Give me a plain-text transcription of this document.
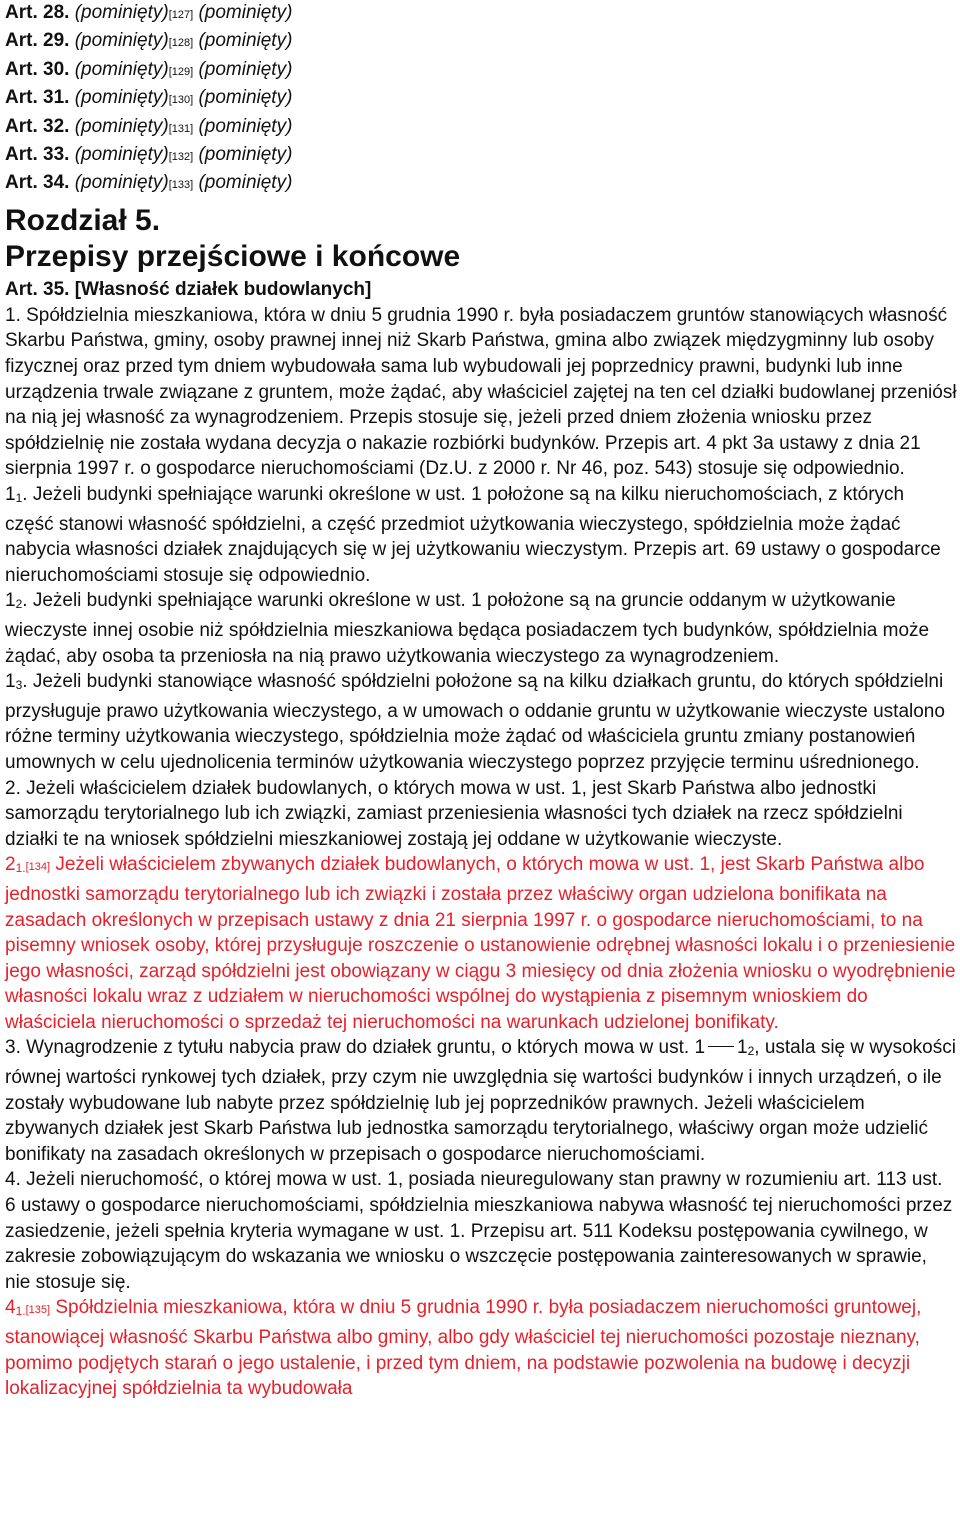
Art. 28. (pominięty)[127] (pominięty)
Art. 29. (pominięty)[128] (pominięty)
Art. 30. (pominięty)[129] (pominięty)
Art. 31. (pominięty)[130] (pominięty)
Art. 32. (pominięty)[131] (pominięty)
Art. 33. (pominięty)[132] (pominięty)
Art. 34. (pominięty)[133] (pominięty)
Rozdział 5.
Przepisy przejściowe i końcowe
Art. 35. [Własność działek budowlanych]

1. Spółdzielnia mieszkaniowa, która w dniu 5 grudnia 1990 r. była posiadaczem gruntów stanowiących własność Skarbu Państwa, gminy, osoby prawnej innej niż Skarb Państwa, gmina albo związek międzygminny lub osoby fizycznej oraz przed tym dniem wybudowała sama lub wybudowali jej poprzednicy prawni, budynki lub inne urządzenia trwale związane z gruntem, może żądać, aby właściciel zajętej na ten cel działki budowlanej przeniósł na nią jej własność za wynagrodzeniem. Przepis stosuje się, jeżeli przed dniem złożenia wniosku przez spółdzielnię nie została wydana decyzja o nakazie rozbiórki budynków. Przepis art. 4 pkt 3a ustawy z dnia 21 sierpnia 1997 r. o gospodarce nieruchomościami (Dz.U. z 2000 r. Nr 46, poz. 543) stosuje się odpowiednio.

$1_1$. Jeżeli budynki spełniające warunki określone w ust. 1 położone są na kilku nieruchomościach, z których część stanowi własność spółdzielni, a część przedmiot użytkowania wieczystego, spółdzielnia może żądać nabycia własności działek znajdujących się w jej użytkowaniu wieczystym. Przepis art. 69 ustawy o gospodarce nieruchomościami stosuje się odpowiednio.

$1_2$. Jeżeli budynki spełniające warunki określone w ust. 1 położone są na gruncie oddanym w użytkowanie wieczyste innej osobie niż spółdzielnia mieszkaniowa będąca posiadaczem tych budynków, spółdzielnia może żądać, aby osoba ta przeniosła na nią prawo użytkowania wieczystego za wynagrodzeniem.

$1_3$. Jeżeli budynki stanowiące własność spółdzielni położone są na kilku działkach gruntu, do których spółdzielni przysługuje prawo użytkowania wieczystego, a w umowach o oddanie gruntu w użytkowanie wieczyste ustalono różne terminy użytkowania wieczystego, spółdzielnia może żądać od właściciela gruntu zmiany postanowień umownych w celu ujednolicenia terminów użytkowania wieczystego poprzez przyjęcie terminu uśrednionego.

2. Jeżeli właścicielem działek budowlanych, o których mowa w ust. 1, jest Skarb Państwa albo jednostki samorządu terytorialnego lub ich związki, zamiast przeniesienia własności tych działek na rzecz spółdzielni działki te na wniosek spółdzielni mieszkaniowej zostają jej oddane w użytkowanie wieczyste.

$2_{1.}[134]$ Jeżeli właścicielem zbywanych działek budowlanych, o których mowa w ust. 1, jest Skarb Państwa albo jednostki samorządu terytorialnego lub ich związki i została przez właściwy organ udzielona bonifikata na zasadach określonych w przepisach ustawy z dnia 21 sierpnia 1997 r. o gospodarce nieruchomościami, to na pisemny wniosek osoby, której przysługuje roszczenie o ustanowienie odrębnej własności lokalu i o przeniesienie jego własności, zarząd spółdzielni jest obowiązany w ciągu 3 miesięcy od dnia złożenia wniosku o wyodrębnienie własności lokalu wraz z udziałem w nieruchomości wspólnej do wystąpienia z pisemnym wnioskiem do właściciela nieruchomości o sprzedaż tej nieruchomości na warunkach udzielonej bonifikaty.

3. Wynagrodzenie z tytułu nabycia praw do działek gruntu, o których mowa w ust. 1 $1_2$, ustala się w wysokości równej wartości rynkowej tych działek, przy czym nie uwzględnia się wartości budynków i innych urządzeń, o ile zostały wybudowane lub nabyte przez spółdzielnię lub jej poprzedników prawnych. Jeżeli właścicielem zbywanych działek jest Skarb Państwa lub jednostka samorządu terytorialnego, właściwy organ może udzielić bonifikaty na zasadach określonych w przepisach o gospodarce nieruchomościami.

4. Jeżeli nieruchomość, o której mowa w ust. 1, posiada nieuregulowany stan prawny w rozumieniu art. 113 ust. 6 ustawy o gospodarce nieruchomościami, spółdzielnia mieszkaniowa nabywa własność tej nieruchomości przez zasiedzenie, jeżeli spełnia kryteria wymagane w ust. 1. Przepisu art. 511 Kodeksu postępowania cywilnego, w zakresie zobowiązującym do wskazania we wniosku o wszczęcie postępowania zainteresowanych w sprawie, nie stosuje się.

$4_{1.}[135]$ Spółdzielnia mieszkaniowa, która w dniu 5 grudnia 1990 r. była posiadaczem nieruchomości gruntowej, stanowiącej własność Skarbu Państwa albo gminy, albo gdy właściciel tej nieruchomości pozostaje nieznany, pomimo podjętych starań o jego ustalenie, i przed tym dniem, na podstawie pozwolenia na budowę i decyzji lokalizacyjnej spółdzielnia ta wybudowała
